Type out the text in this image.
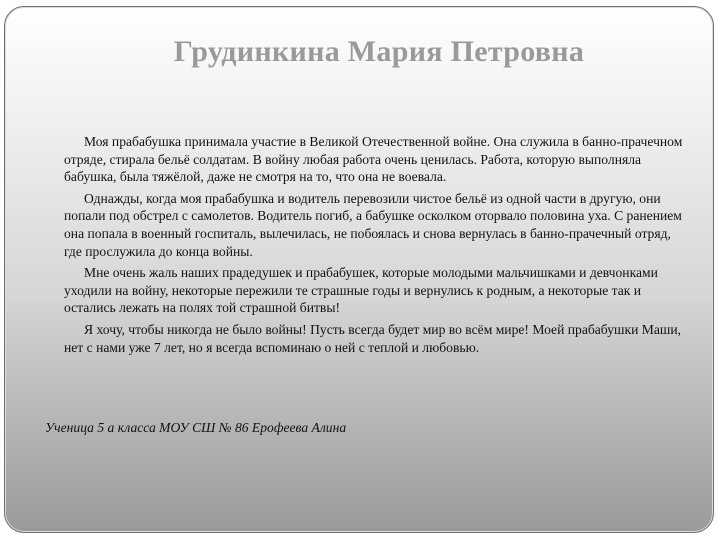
Грудинкина Мария Петровна

Моя прабабушка принимала участие в Великой Отечественной войне. Она служила в банно-прачечном отряде, стирала бельё солдатам. В войну любая работа очень ценилась. Работа, которую выполняла бабушка, была тяжёлой, даже не смотря на то, что она не воевала.

Однажды, когда моя прабабушка и водитель перевозили чистое бельё из одной части в другую, они попали под обстрел с самолетов. Водитель погиб, а бабушке осколком оторвало половина уха. С ранением она попала в военный госпиталь, вылечилась, не побоялась и снова вернулась в банно-прачечный отряд, где прослужила до конца войны.

Мне очень жаль наших прадедушек и прабабушек, которые молодыми мальчишками и девчонками уходили на войну, некоторые пережили те страшные годы и вернулись к родным, а некоторые так и остались лежать на полях той страшной битвы!

Я хочу, чтобы никогда не было войны! Пусть всегда будет мир во всём мире! Моей прабабушки Маши, нет с нами уже 7 лет, но я всегда вспоминаю о ней с теплой и любовью.

Ученица 5 а класса МОУ СШ № 86 Ерофеева Алина
